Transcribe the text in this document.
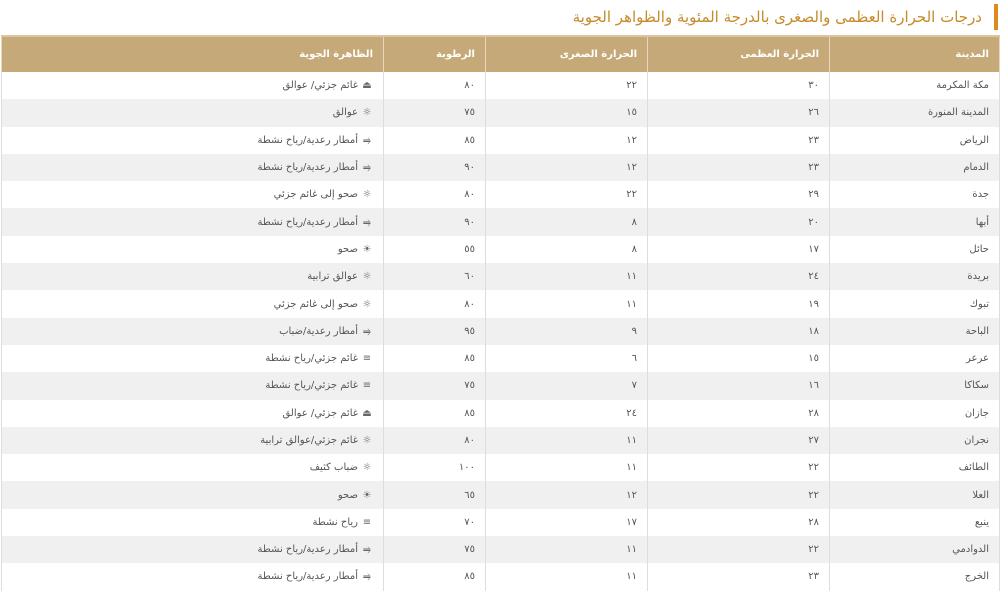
درجات الحرارة العظمى والصغرى بالدرجة المئوية والظواهر الجوية
المدينة	الحرارة العظمى	الحرارة الصغرى	الرطوبة	الظاهرة الجوية
مكة المكرمة	٣٠	٢٢	٨٠	⏏غائم جزئي/ عوالق
المدينة المنورة	٢٦	١٥	٧٥	☼عوالق
الرياض	٢٣	١٢	٨٥	⥤أمطار رعدية/رياح نشطة
الدمام	٢٣	١٢	٩٠	⥤أمطار رعدية/رياح نشطة
جدة	٢٩	٢٢	٨٠	☼صحو إلى غائم جزئي
أبها	٢٠	٨	٩٠	⥤أمطار رعدية/رياح نشطة
حائل	١٧	٨	٥٥	☀صحو
بريدة	٢٤	١١	٦٠	☼عوالق ترابية
تبوك	١٩	١١	٨٠	☼صحو إلى غائم جزئي
الباحة	١٨	٩	٩٥	⥤أمطار رعدية/ضباب
عرعر	١٥	٦	٨٥	≡غائم جزئي/رياح نشطة
سكاكا	١٦	٧	٧٥	≡غائم جزئي/رياح نشطة
جازان	٢٨	٢٤	٨٥	⏏غائم جزئي/ عوالق
نجران	٢٧	١١	٨٠	☼غائم جزئي/عوالق ترابية
الطائف	٢٢	١١	١٠٠	☼ضباب كثيف
العلا	٢٢	١٢	٦٥	☀صحو
ينبع	٢٨	١٧	٧٠	≡رياح نشطة
الدوادمي	٢٢	١١	٧٥	⥤أمطار رعدية/رياح نشطة
الخرج	٢٣	١١	٨٥	⥤أمطار رعدية/رياح نشطة
